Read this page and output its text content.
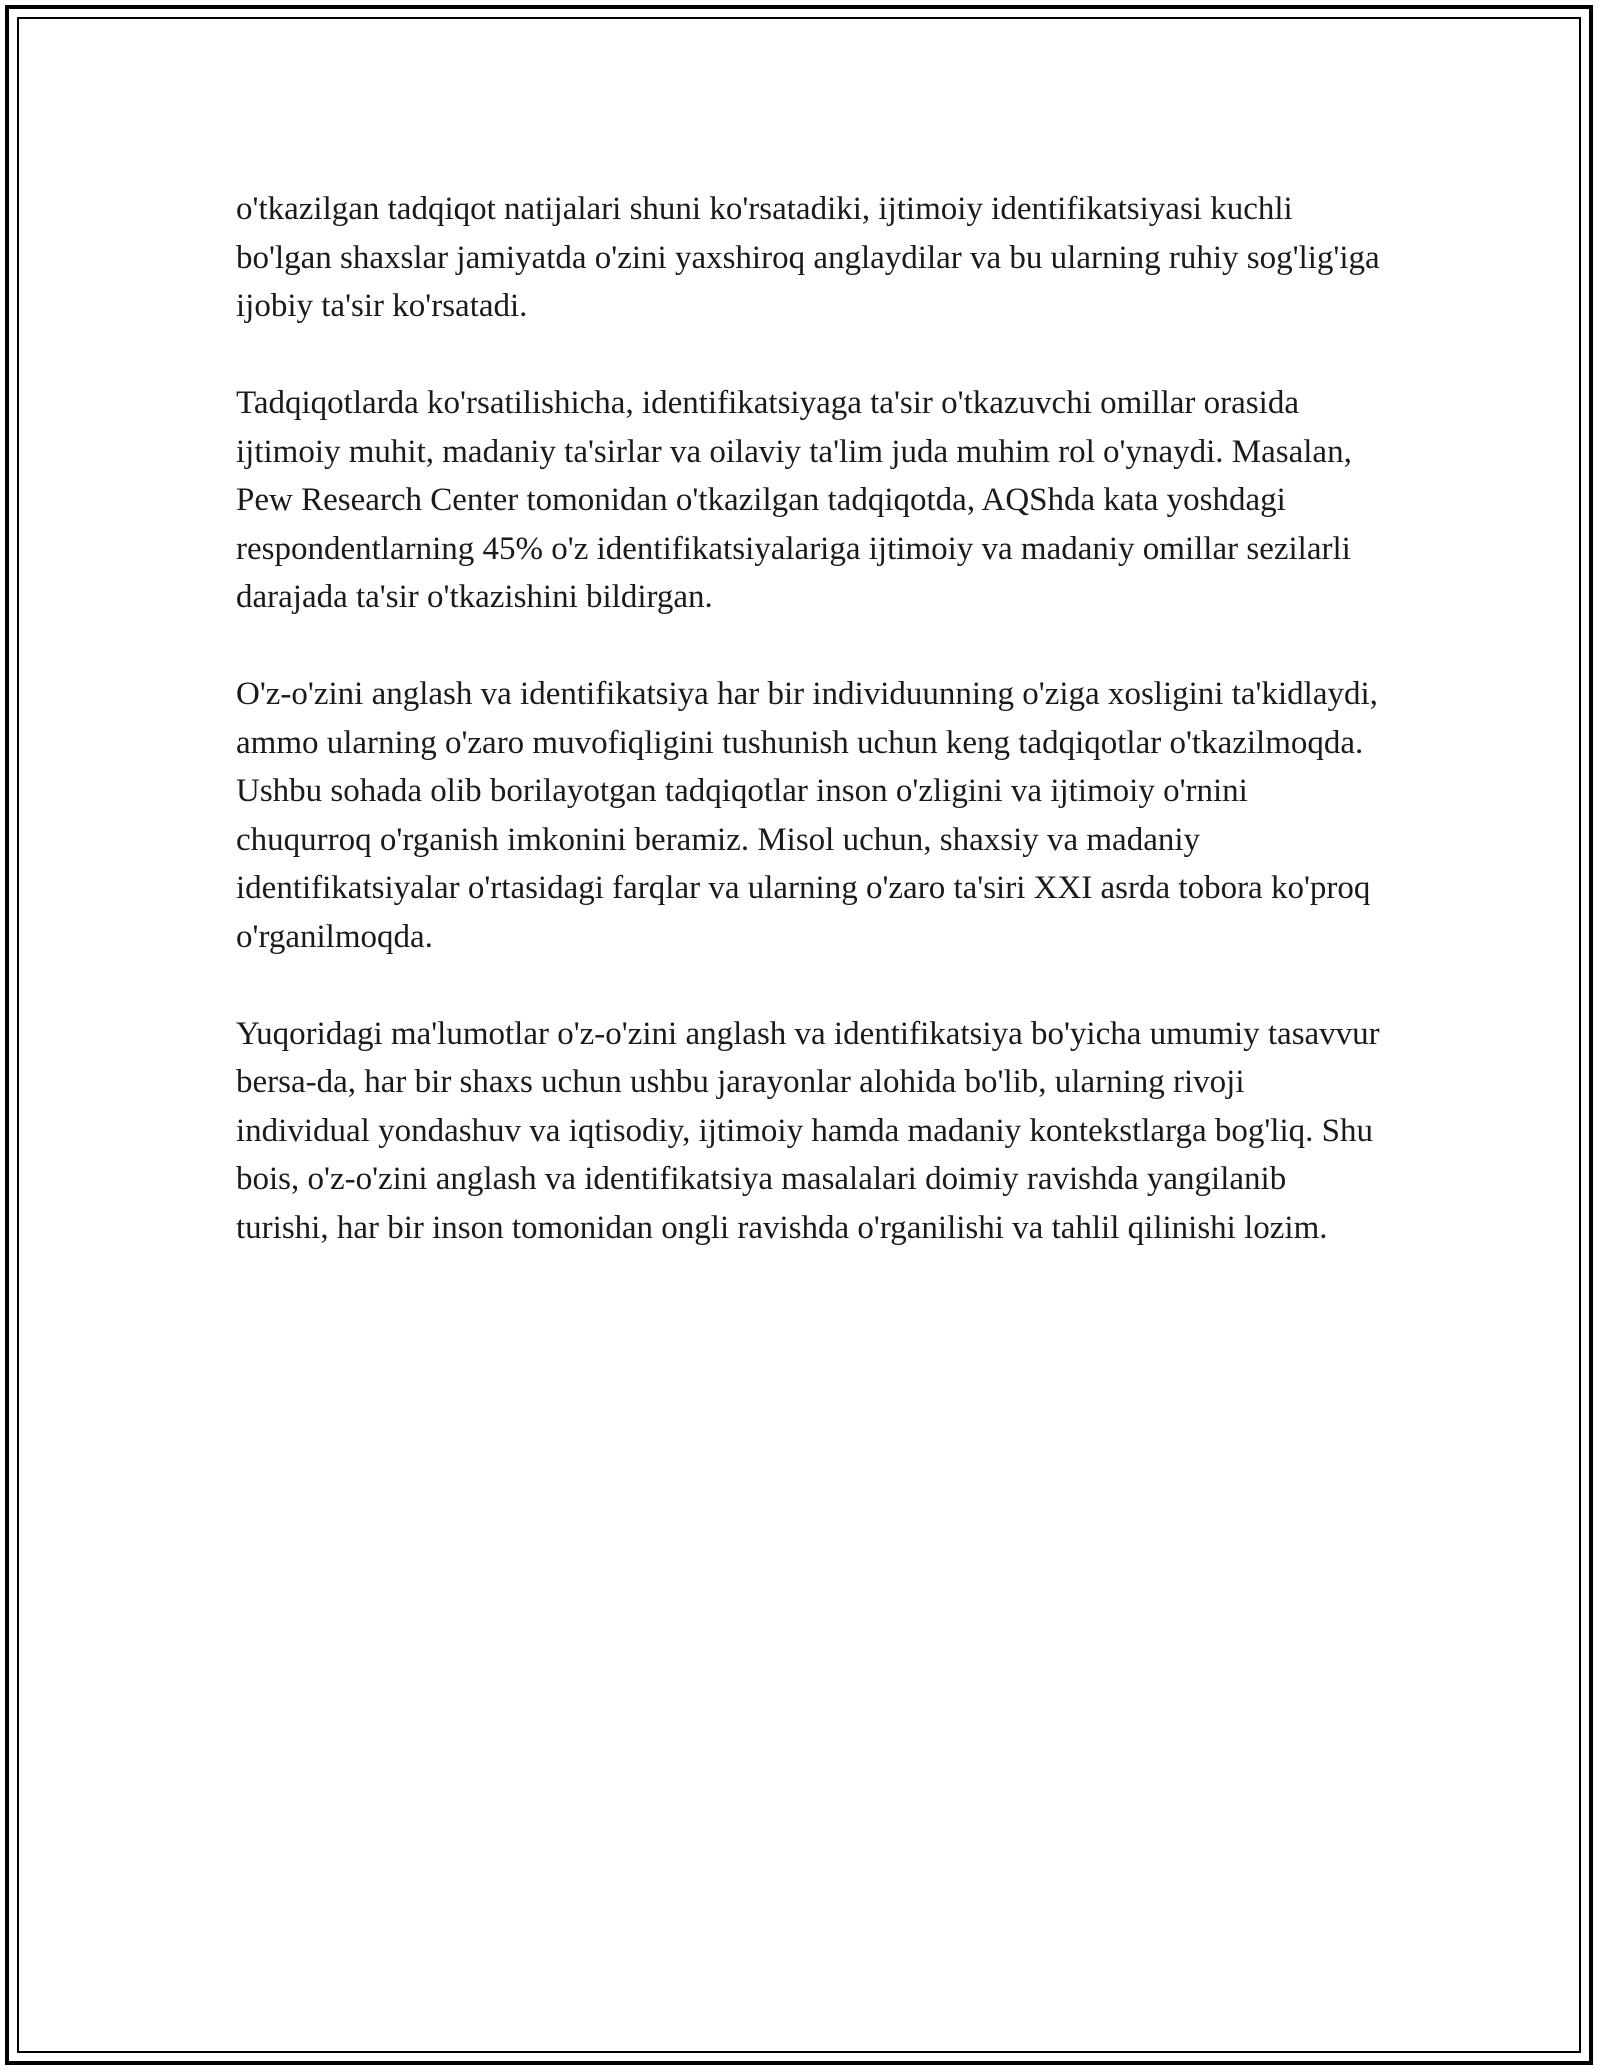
o'tkazilgan tadqiqot natijalari shuni ko'rsatadiki, ijtimoiy identifikatsiyasi kuchli bo'lgan shaxslar jamiyatda o'zini yaxshiroq anglaydilar va bu ularning ruhiy sog'lig'iga ijobiy ta'sir ko'rsatadi.

Tadqiqotlarda ko'rsatilishicha, identifikatsiyaga ta'sir o'tkazuvchi omillar orasida ijtimoiy muhit, madaniy ta'sirlar va oilaviy ta'lim juda muhim rol o'ynaydi. Masalan, Pew Research Center tomonidan o'tkazilgan tadqiqotda, AQShda kata yoshdagi respondentlarning 45% o'z identifikatsiyalariga ijtimoiy va madaniy omillar sezilarli darajada ta'sir o'tkazishini bildirgan.

O'z-o'zini anglash va identifikatsiya har bir individuunning o'ziga xosligini ta'kidlaydi, ammo ularning o'zaro muvofiqligini tushunish uchun keng tadqiqotlar o'tkazilmoqda. Ushbu sohada olib borilayotgan tadqiqotlar inson o'zligini va ijtimoiy o'rnini chuqurroq o'rganish imkonini beramiz. Misol uchun, shaxsiy va madaniy identifikatsiyalar o'rtasidagi farqlar va ularning o'zaro ta'siri XXI asrda tobora ko'proq o'rganilmoqda.

Yuqoridagi ma'lumotlar o'z-o'zini anglash va identifikatsiya bo'yicha umumiy tasavvur bersa-da, har bir shaxs uchun ushbu jarayonlar alohida bo'lib, ularning rivoji individual yondashuv va iqtisodiy, ijtimoiy hamda madaniy kontekstlarga bog'liq. Shu bois, o'z-o'zini anglash va identifikatsiya masalalari doimiy ravishda yangilanib turishi, har bir inson tomonidan ongli ravishda o'rganilishi va tahlil qilinishi lozim.
